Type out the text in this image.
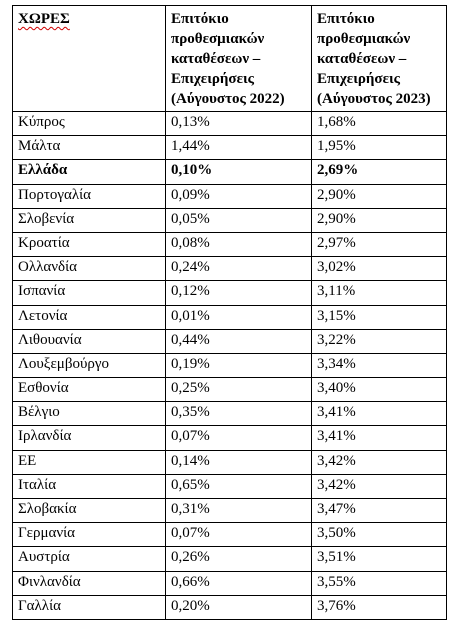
ΧΩΡΕΣ	Επιτόκιο προθεσμιακών καταθέσεων – Επιχειρήσεις (Αύγουστος 2022)	Επιτόκιο προθεσμιακών καταθέσεων – Επιχειρήσεις (Αύγουστος 2023)
Κύπρος	0,13%	1,68%
Μάλτα	1,44%	1,95%
Ελλάδα	0,10%	2,69%
Πορτογαλία	0,09%	2,90%
Σλοβενία	0,05%	2,90%
Κροατία	0,08%	2,97%
Ολλανδία	0,24%	3,02%
Ισπανία	0,12%	3,11%
Λετονία	0,01%	3,15%
Λιθουανία	0,44%	3,22%
Λουξεμβούργο	0,19%	3,34%
Εσθονία	0,25%	3,40%
Βέλγιο	0,35%	3,41%
Ιρλανδία	0,07%	3,41%
ΕΕ	0,14%	3,42%
Ιταλία	0,65%	3,42%
Σλοβακία	0,31%	3,47%
Γερμανία	0,07%	3,50%
Αυστρία	0,26%	3,51%
Φινλανδία	0,66%	3,55%
Γαλλία	0,20%	3,76%
